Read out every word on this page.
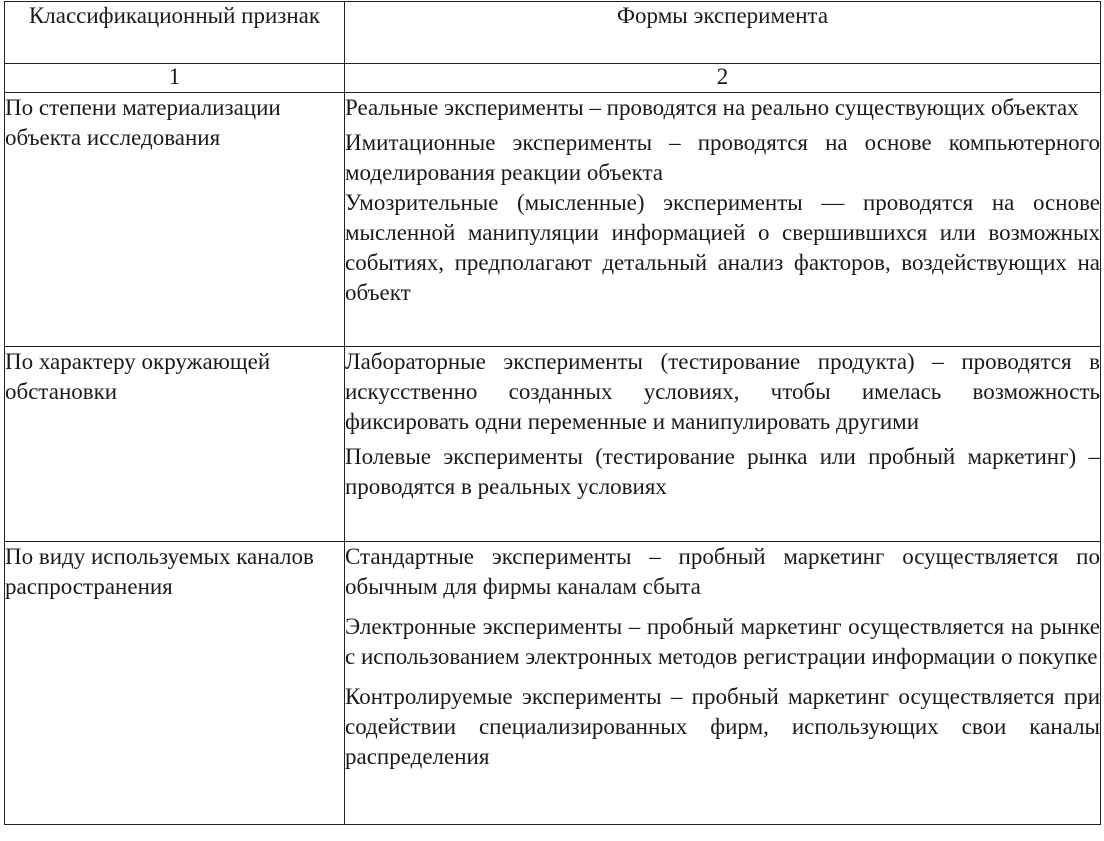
Классификационный признак	Формы эксперимента
1	2
По степени материализации объекта исследования	Реальные эксперименты – проводятся на реально существующих объектах

Имитационные эксперименты – проводятся на основе компьютерного моделирования реакции объекта

Умозрительные (мысленные) эксперименты — проводятся на основе мысленной манипуляции информацией о свершившихся или возможных событиях, предполагают детальный анализ факторов, воздействующих на объект

По характеру окружающей обстановки	Лабораторные эксперименты (тестирование продукта) – проводятся в искусственно созданных условиях, чтобы имелась возможность фиксировать одни переменные и манипулировать другими

Полевые эксперименты (тестирование рынка или пробный маркетинг) – проводятся в реальных условиях

По виду используемых каналов распространения	Стандартные эксперименты – пробный маркетинг осуществляется по обычным для фирмы каналам сбыта

Электронные эксперименты – пробный маркетинг осуществляется на рынке с использованием электронных методов регистрации информации о покупке

Контролируемые эксперименты – пробный маркетинг осуществляется при содействии специализированных фирм, использующих свои каналы распределения
